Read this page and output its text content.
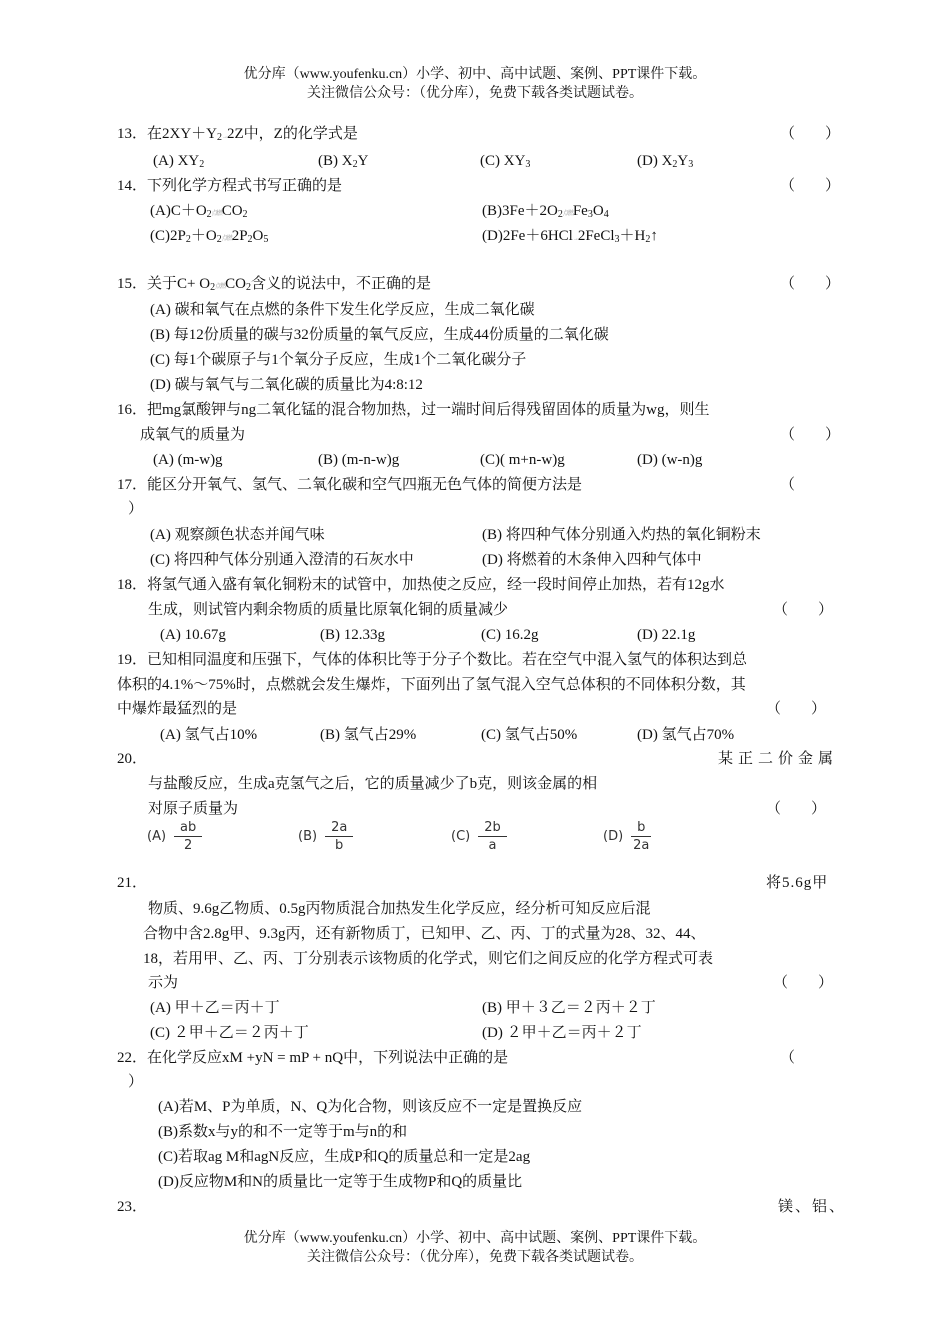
优分库（www.youfenku.cn）小学、初中、高中试题、案例、PPT课件下载。
关注微信公众号：（优分库），免费下载各类试题试卷。
13．在$2XY+Y_2\to 2Z$中，Z的化学式是	（　　）
(A) $XY_2$	(B) $X_2Y$	(C) $XY_3$	(D) $X_2Y_3$
14．下列化学方程式书写正确的是	（　　）
$(A)C+O_2$点燃$CO_2$	$(B)3Fe+2O_2$点燃$Fe_3O_4$
$(C)2P_2+O_2$点燃$2P_2O_5$	$(D)2Fe+6HCl\to 2FeCl_3+H_2↑$
15．关于$C+ O_2$点燃$CO_2$含义的说法中，不正确的是	（　　）
(A) 碳和氧气在点燃的条件下发生化学反应，生成二氧化碳
(B) 每12份质量的碳与32份质量的氧气反应，生成44份质量的二氧化碳
(C) 每1个碳原子与1个氧分子反应，生成1个二氧化碳分子
(D) 碳与氧气与二氧化碳的质量比为4:8:12
16．把mg氯酸钾与ng二氧化锰的混合物加热，过一端时间后得残留固体的质量为wg，则生
成氧气的质量为	（　　）
(A) (m-w)g	(B) (m-n-w)g	(C)( m+n-w)g	(D) (w-n)g
17．能区分开氧气、氢气、二氧化碳和空气四瓶无色气体的简便方法是	（
）
(A) 观察颜色状态并闻气味	(B) 将四种气体分别通入灼热的氧化铜粉末
(C) 将四种气体分别通入澄清的石灰水中	(D) 将燃着的木条伸入四种气体中
18．将氢气通入盛有氧化铜粉末的试管中，加热使之反应，经一段时间停止加热，若有12g水
生成，则试管内剩余物质的质量比原氧化铜的质量减少	（　　）
(A) 10.67g	(B) 12.33g	(C) 16.2g	(D) 22.1g
19．已知相同温度和压强下，气体的体积比等于分子个数比。若在空气中混入氢气的体积达到总
体积的4.1%～75%时，点燃就会发生爆炸，下面列出了氢气混入空气总体积的不同体积分数，其
中爆炸最猛烈的是	（　　）
(A) 氢气占10%	(B) 氢气占29%	(C) 氢气占50%	(D) 氢气占70%
20．	某正二价金属
与盐酸反应，生成a克氢气之后，它的质量减少了b克，则该金属的相
对原子质量为	（　　）
$(A) \frac{ab}{2}$	$(B) \frac{2a}{b}$	$(C) \frac{2b}{a}$	$(D) \frac{b}{2a}$
21．	将5.6g甲
物质、9.6g乙物质、0.5g丙物质混合加热发生化学反应，经分析可知反应后混
合物中含2.8g甲、9.3g丙，还有新物质丁，已知甲、乙、丙、丁的式量为28、32、44、
18，若用甲、乙、丙、丁分别表示该物质的化学式，则它们之间反应的化学方程式可表
示为	（　　）
(A) 甲＋乙＝丙＋丁	(B) 甲＋３乙＝２丙＋２丁
(C) ２甲＋乙＝２丙＋丁	(D) ２甲＋乙＝丙＋２丁
22．在化学反应xM +yN = mP + nQ中，下列说法中正确的是	（
）
(A)若M、P为单质，N、Q为化合物，则该反应不一定是置换反应
(B)系数x与y的和不一定等于m与n的和
(C)若取ag M和agN反应，生成P和Q的质量总和一定是2ag
(D)反应物M和N的质量比一定等于生成物P和Q的质量比
23．	镁、铝、
优分库（www.youfenku.cn）小学、初中、高中试题、案例、PPT课件下载。
关注微信公众号：（优分库），免费下载各类试题试卷。
